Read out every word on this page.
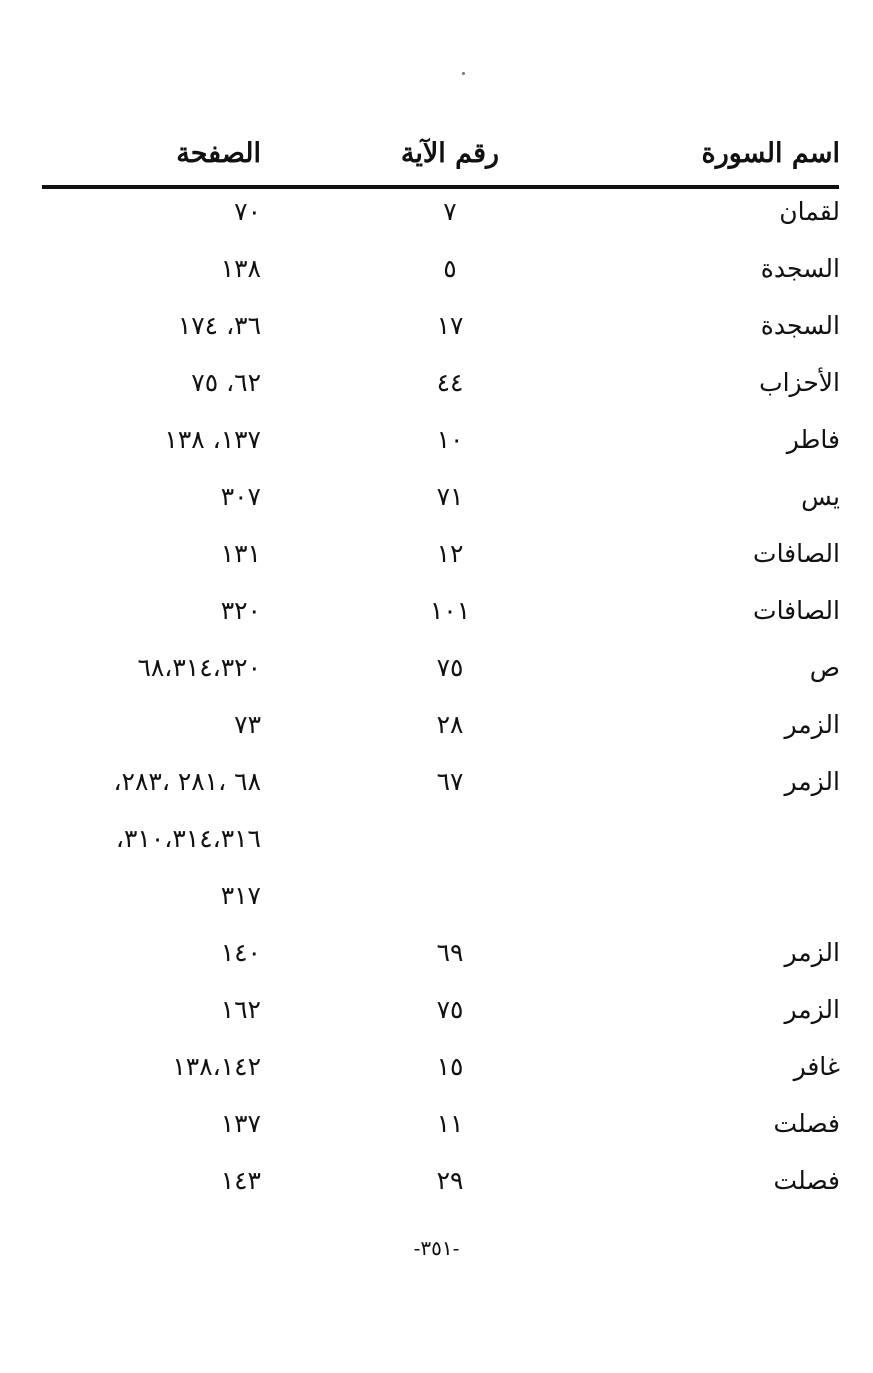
اسم السورة
رقم الآية
الصفحة
لقمان
٧
٧٠
السجدة
٥
١٣٨
السجدة
١٧
٣٦، ١٧٤
الأحزاب
٤٤
٦٢، ٧٥
فاطر
١٠
١٣٧، ١٣٨
يس
٧١
٣٠٧
الصافات
١٢
١٣١
الصافات
١٠١
٣٢٠
ص
٧٥
٦٨،٣١٤،٣٢٠
الزمر
٢٨
٧٣
الزمر
٦٧
٦٨ ،٢٨١ ،٢٨٣،
٣١٠،٣١٤،٣١٦،
٣١٧
الزمر
٦٩
١٤٠
الزمر
٧٥
١٦٢
غافر
١٥
١٣٨،١٤٢
فصلت
١١
١٣٧
فصلت
٢٩
١٤٣
-٣٥١-
